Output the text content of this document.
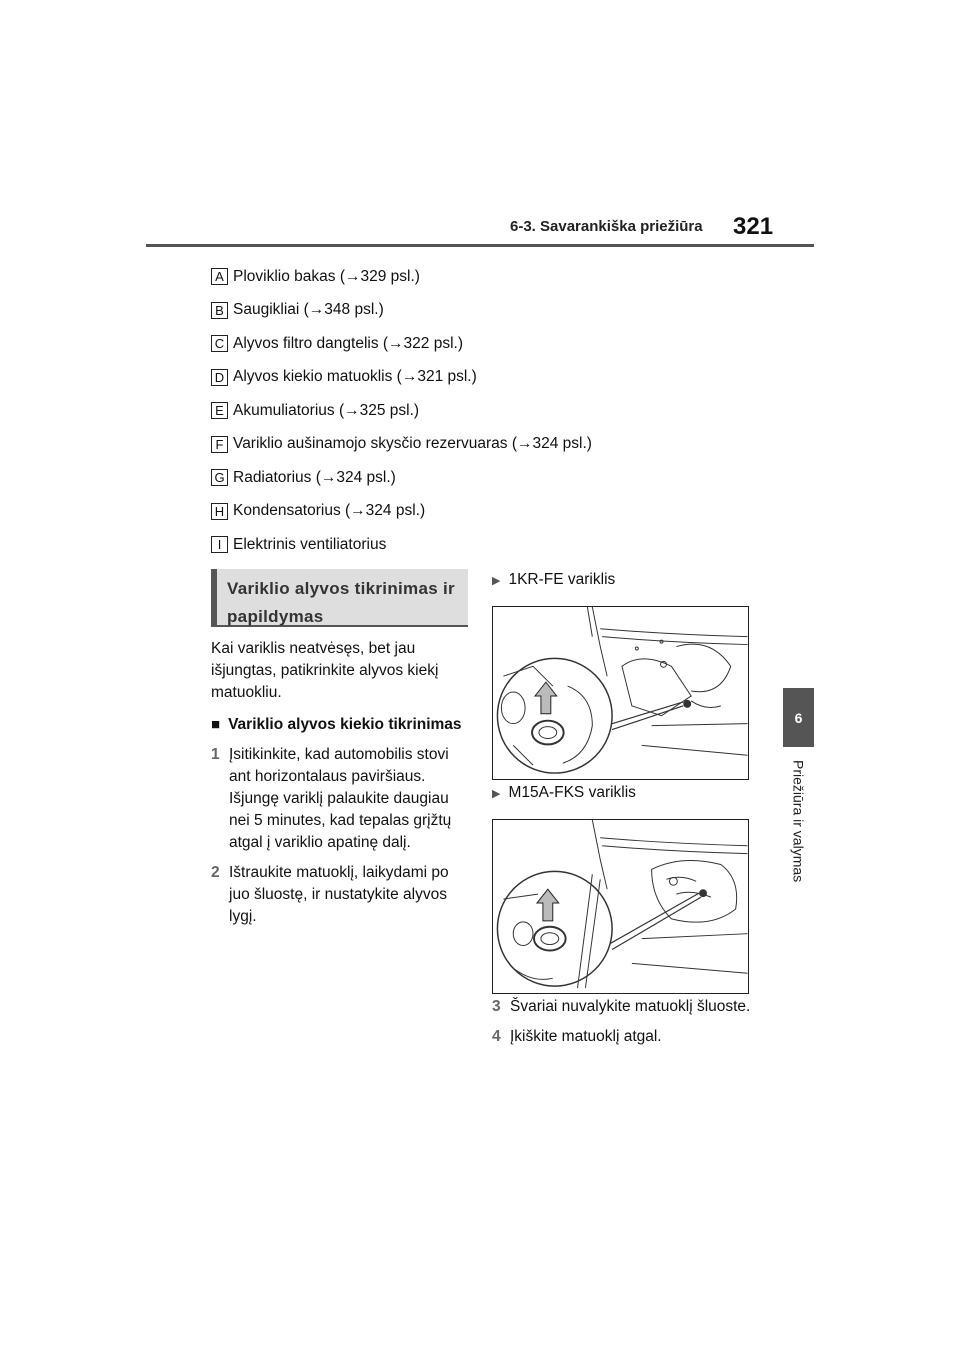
6-3. Savarankiška priežiūra 321
6
Priežiūra ir valymas
A Ploviklio bakas (→329 psl.)
B Saugikliai (→348 psl.)
C Alyvos filtro dangtelis (→322 psl.)
D Alyvos kiekio matuoklis (→321 psl.)
E Akumuliatorius (→325 psl.)
F Variklio aušinamojo skysčio rezervuaras (→324 psl.)
G Radiatorius (→324 psl.)
H Kondensatorius (→324 psl.)
I Elektrinis ventiliatorius
Variklio alyvos tikrinimas ir papildymas

Kai variklis neatvėsęs, bet jau išjungtas, patikrinkite alyvos kiekį matuokliu.

■ Variklio alyvos kiekio tikrinimas
1 Įsitikinkite, kad automobilis stovi ant horizontalaus paviršiaus. Išjungę variklį palaukite daugiau nei 5 minutes, kad tepalas grįžtų atgal į variklio apatinę dalį.
2 Ištraukite matuoklį, laikydami po juo šluostę, ir nustatykite alyvos lygį.
▶ 1KR-FE variklis
▶ M15A-FKS variklis
3 Švariai nuvalykite matuoklį šluoste.
4 Įkiškite matuoklį atgal.
